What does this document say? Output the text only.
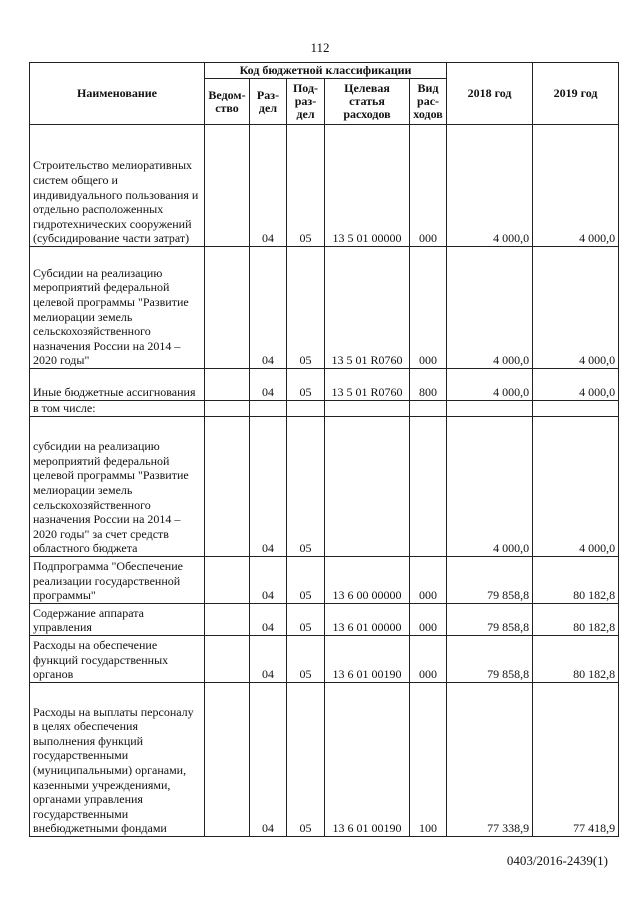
112
Наименование	Код бюджетной классификации					2018 год	2019 год
	Ведом-ство	Раз-дел	Под-раз-дел	Целевая статья расходов	Вид рас-ходов		
Строительство мелиоративных систем общего и индивидуального пользования и отдельно расположенных гидротехнических сооружений (субсидирование части затрат)		04	05	13 5 01 00000	000	4 000,0	4 000,0
Субсидии на реализацию мероприятий федеральной целевой программы "Развитие мелиорации земель сельскохозяйственного назначения России на 2014 – 2020 годы"		04	05	13 5 01 R0760	000	4 000,0	4 000,0
Иные бюджетные ассигнования		04	05	13 5 01 R0760	800	4 000,0	4 000,0
в том числе:							
субсидии на реализацию мероприятий федеральной целевой программы "Развитие мелиорации земель сельскохозяйственного назначения России на 2014 – 2020 годы" за счет средств областного бюджета		04	05			4 000,0	4 000,0
Подпрограмма "Обеспечение реализации государственной программы"		04	05	13 6 00 00000	000	79 858,8	80 182,8
Содержание аппарата управления		04	05	13 6 01 00000	000	79 858,8	80 182,8
Расходы на обеспечение функций государственных органов		04	05	13 6 01 00190	000	79 858,8	80 182,8
Расходы на выплаты персоналу в целях обеспечения выполнения функций государственными (муниципальными) органами, казенными учреждениями, органами управления государственными внебюджетными фондами		04	05	13 6 01 00190	100	77 338,9	77 418,9
0403/2016-2439(1)
